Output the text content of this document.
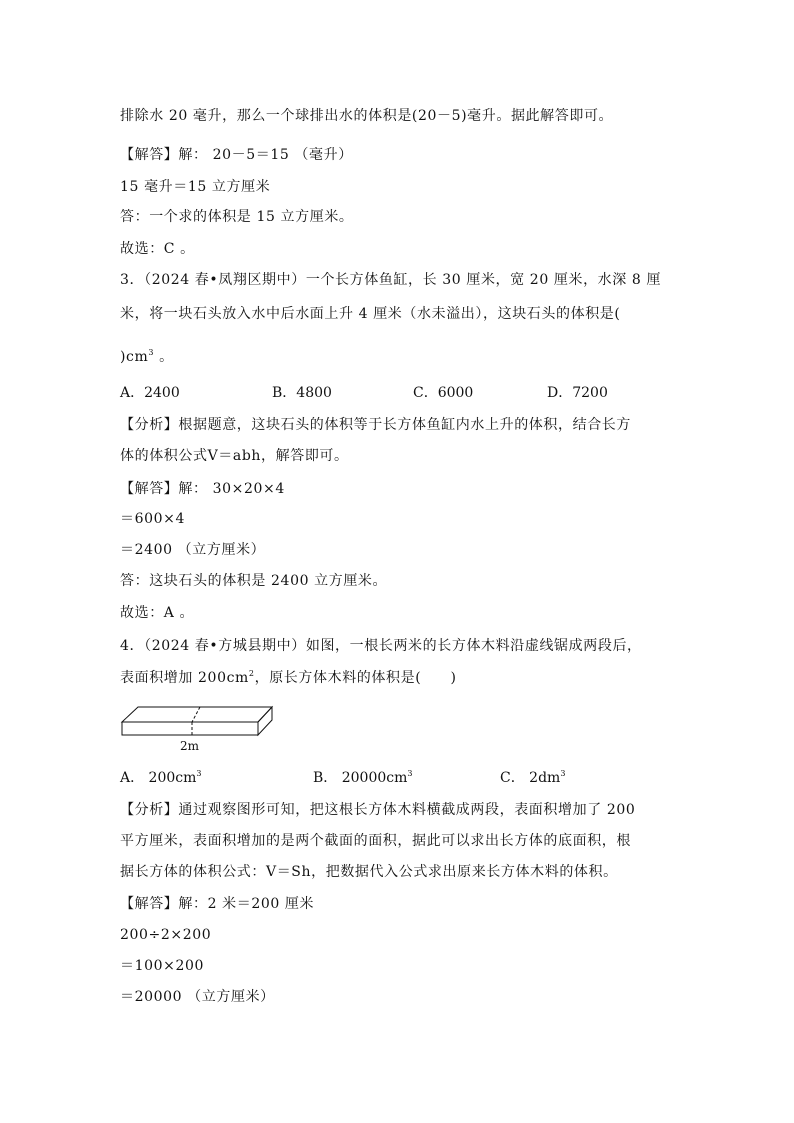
排除水 20 毫升，那么一个球排出水的体积是(20－5)毫升。据此解答即可。
【解答】解： 20－5＝15 （毫升）
15 毫升＝15 立方厘米
答：一个求的体积是 15 立方厘米。
故选：C 。
3．（2024 春•凤翔区期中）一个长方体鱼缸，长 30 厘米，宽 20 厘米，水深 8 厘
米，将一块石头放入水中后水面上升 4 厘米（水未溢出），这块石头的体积是(
)$cm^3$ 。
A．2400	B．4800	C．6000	D．7200
【分析】根据题意，这块石头的体积等于长方体鱼缸内水上升的体积，结合长方
体的体积公式V＝abh，解答即可。
【解答】解： 30×20×4
＝600×4
＝2400 （立方厘米）
答：这块石头的体积是 2400 立方厘米。
故选：A 。
4．（2024 春•方城县期中）如图，一根长两米的长方体木料沿虚线锯成两段后，
表面积增加 $200cm^2$，原长方体木料的体积是(　　)
2m
A． $200cm^3$	B． $20000cm^3$	C． $2dm^3$
【分析】通过观察图形可知，把这根长方体木料横截成两段，表面积增加了 200
平方厘米，表面积增加的是两个截面的面积，据此可以求出长方体的底面积，根
据长方体的体积公式：V＝Sh，把数据代入公式求出原来长方体木料的体积。
【解答】解：2 米＝200 厘米
200÷2×200
＝100×200
＝20000 （立方厘米）
